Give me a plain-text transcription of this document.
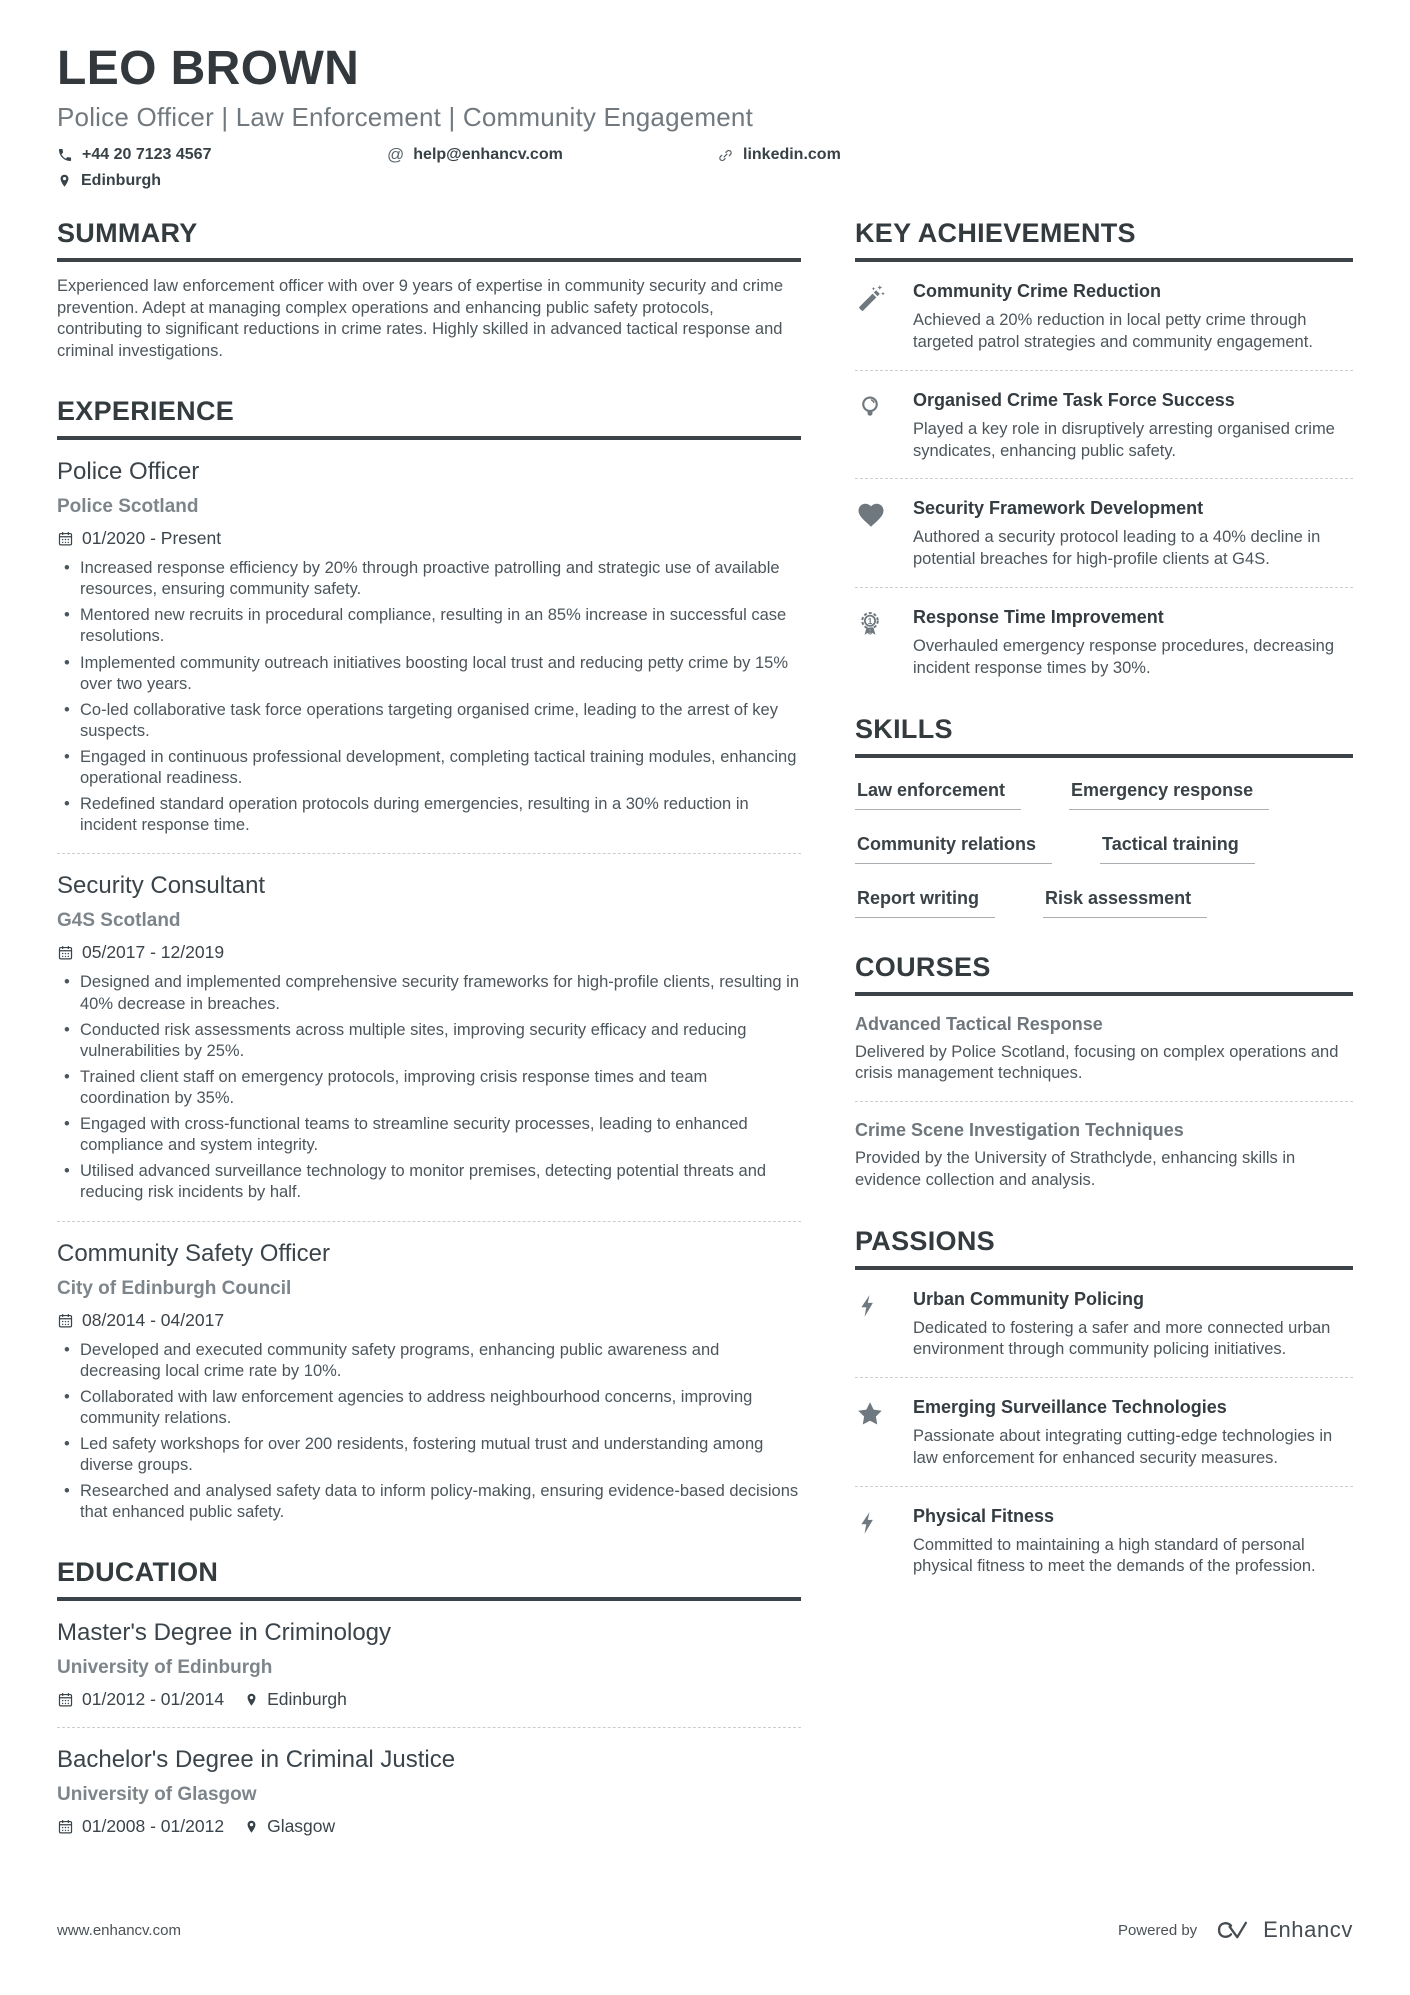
LEO BROWN
Police Officer | Law Enforcement | Community Engagement
+44 20 7123 4567	@ help@enhancv.com	linkedin.com
Edinburgh
SUMMARY

Experienced law enforcement officer with over 9 years of expertise in community security and crime prevention. Adept at managing complex operations and enhancing public safety protocols, contributing to significant reductions in crime rates. Highly skilled in advanced tactical response and criminal investigations.

EXPERIENCE
Police Officer
Police Scotland
01/2020 - Present
• Increased response efficiency by 20% through proactive patrolling and strategic use of available resources, ensuring community safety.
• Mentored new recruits in procedural compliance, resulting in an 85% increase in successful case resolutions.
• Implemented community outreach initiatives boosting local trust and reducing petty crime by 15% over two years.
• Co-led collaborative task force operations targeting organised crime, leading to the arrest of key suspects.
• Engaged in continuous professional development, completing tactical training modules, enhancing operational readiness.
• Redefined standard operation protocols during emergencies, resulting in a 30% reduction in incident response time.
Security Consultant
G4S Scotland
05/2017 - 12/2019
• Designed and implemented comprehensive security frameworks for high-profile clients, resulting in 40% decrease in breaches.
• Conducted risk assessments across multiple sites, improving security efficacy and reducing vulnerabilities by 25%.
• Trained client staff on emergency protocols, improving crisis response times and team coordination by 35%.
• Engaged with cross-functional teams to streamline security processes, leading to enhanced compliance and system integrity.
• Utilised advanced surveillance technology to monitor premises, detecting potential threats and reducing risk incidents by half.
Community Safety Officer
City of Edinburgh Council
08/2014 - 04/2017
• Developed and executed community safety programs, enhancing public awareness and decreasing local crime rate by 10%.
• Collaborated with law enforcement agencies to address neighbourhood concerns, improving community relations.
• Led safety workshops for over 200 residents, fostering mutual trust and understanding among diverse groups.
• Researched and analysed safety data to inform policy-making, ensuring evidence-based decisions that enhanced public safety.
EDUCATION
Master's Degree in Criminology
University of Edinburgh
01/2012 - 01/2014 Edinburgh
Bachelor's Degree in Criminal Justice
University of Glasgow
01/2008 - 01/2012 Glasgow
KEY ACHIEVEMENTS
Community Crime Reduction

Achieved a 20% reduction in local petty crime through targeted patrol strategies and community engagement.

Organised Crime Task Force Success

Played a key role in disruptively arresting organised crime syndicates, enhancing public safety.

Security Framework Development

Authored a security protocol leading to a 40% decline in potential breaches for high-profile clients at G4S.

1 Response Time Improvement

Overhauled emergency response procedures, decreasing incident response times by 30%.

SKILLS
Law enforcement	Emergency response
Community relations	Tactical training
Report writing	Risk assessment
COURSES
Advanced Tactical Response

Delivered by Police Scotland, focusing on complex operations and crisis management techniques.

Crime Scene Investigation Techniques

Provided by the University of Strathclyde, enhancing skills in evidence collection and analysis.

PASSIONS
Urban Community Policing

Dedicated to fostering a safer and more connected urban environment through community policing initiatives.

Emerging Surveillance Technologies

Passionate about integrating cutting-edge technologies in law enforcement for enhanced security measures.

Physical Fitness

Committed to maintaining a high standard of personal physical fitness to meet the demands of the profession.

www.enhancv.com	Powered by	Enhancv
